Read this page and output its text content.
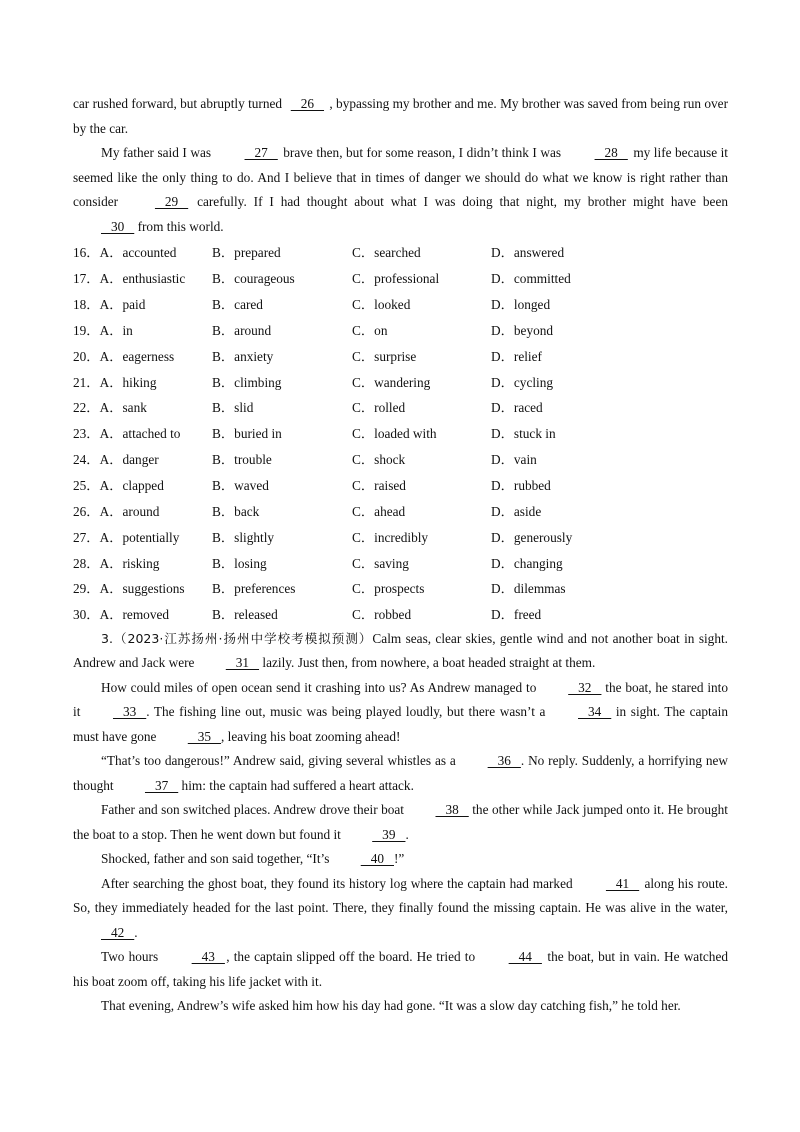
car rushed forward, but abruptly turned    26   , bypassing my brother and me. My brother was saved from being run over by the car.

My father said I was    27    brave then, but for some reason, I didn’t think I was    28    my life because it seemed like the only thing to do. And I believe that in times of danger we should do what we know is right rather than consider    29    carefully. If I had thought about what I was doing that night, my brother might have been    30    from this world.

16．A．accounted	B．prepared	C．searched	D．answered
17．A．enthusiastic	B．courageous	C．professional	D．committed
18．A．paid	B．cared	C．looked	D．longed
19．A．in	B．around	C．on	D．beyond
20．A．eagerness	B．anxiety	C．surprise	D．relief
21．A．hiking	B．climbing	C．wandering	D．cycling
22．A．sank	B．slid	C．rolled	D．raced
23．A．attached to	B．buried in	C．loaded with	D．stuck in
24．A．danger	B．trouble	C．shock	D．vain
25．A．clapped	B．waved	C．raised	D．rubbed
26．A．around	B．back	C．ahead	D．aside
27．A．potentially	B．slightly	C．incredibly	D．generously
28．A．risking	B．losing	C．saving	D．changing
29．A．suggestions	B．preferences	C．prospects	D．dilemmas
30．A．removed	B．released	C．robbed	D．freed

3.（2023·江苏扬州·扬州中学校考模拟预测）Calm seas, clear skies, gentle wind and not another boat in sight. Andrew and Jack were    31    lazily. Just then, from nowhere, a boat headed straight at them.

How could miles of open ocean send it crashing into us? As Andrew managed to    32    the boat, he stared into it    33   . The fishing line out, music was being played loudly, but there wasn’t a    34    in sight. The captain must have gone    35   , leaving his boat zooming ahead!

“That’s too dangerous!” Andrew said, giving several whistles as a    36   . No reply. Suddenly, a horrifying new thought    37    him: the captain had suffered a heart attack.

Father and son switched places. Andrew drove their boat    38    the other while Jack jumped onto it. He brought the boat to a stop. Then he went down but found it    39   .

Shocked, father and son said together, “It’s    40   !”

After searching the ghost boat, they found its history log where the captain had marked    41    along his route. So, they immediately headed for the last point. There, they finally found the missing captain. He was alive in the water,    42   .

Two hours    43   , the captain slipped off the board. He tried to    44    the boat, but in vain. He watched his boat zoom off, taking his life jacket with it.

That evening, Andrew’s wife asked him how his day had gone. “It was a slow day catching fish,” he told her.
